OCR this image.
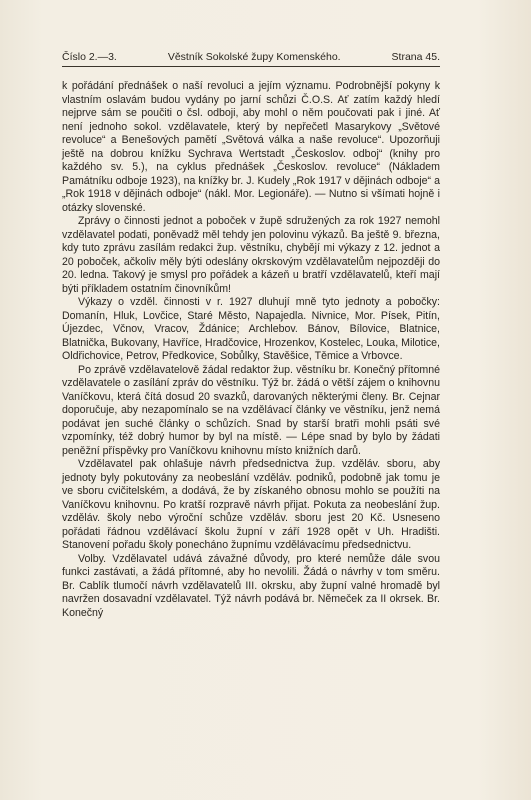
Číslo 2.—3.	Věstník Sokolské župy Komenského.	Strana 45.

k pořádání přednášek o naší revoluci a jejím významu. Podrobnější pokyny k vlastním oslavám budou vydány po jarní schůzi Č.O.S. Ať zatím každý hledí nejprve sám se poučiti o čsl. odboji, aby mohl o něm poučovati pak i jiné. Ať není jednoho sokol. vzdělavatele, který by nepřečetl Masarykovy „Světové revoluce“ a Benešových pamětí „Světová válka a naše revoluce“. Upozorňuji ještě na dobrou knížku Sychrava Wertstadt „Českoslov. odboj“ (knihy pro každého sv. 5.), na cyklus přednášek „Českoslov. revoluce“ (Nákladem Památníku odboje 1923), na knížky br. J. Kudely „Rok 1917 v dějinách odboje“ a „Rok 1918 v dějinách odboje“ (nákl. Mor. Legionáře). — Nutno si všímati hojně i otázky slovenské.

Zprávy o činnosti jednot a poboček v župě sdružených za rok 1927 nemohl vzdělavatel podati, poněvadž měl tehdy jen polovinu výkazů. Ba ještě 9. března, kdy tuto zprávu zasílám redakci žup. věstníku, chybějí mi výkazy z 12. jednot a 20 poboček, ačkoliv měly býti odeslány okrskovým vzdělavatelům nejpozději do 20. ledna. Takový je smysl pro pořádek a kázeň u bratří vzdělavatelů, kteří mají býti příkladem ostatním činovníkům!

Výkazy o vzděl. činnosti v r. 1927 dluhují mně tyto jednoty a pobočky: Domanín, Hluk, Lovčice, Staré Město, Napajedla. Nivnice, Mor. Písek, Pitín, Újezdec, Včnov, Vracov, Ždánice; Archlebov. Bánov, Bílovice, Blatnice, Blatnička, Bukovany, Havříce, Hradčovice, Hrozenkov, Kostelec, Louka, Milotice, Oldřichovice, Petrov, Předkovice, Sobůlky, Stavěšice, Těmice a Vrbovce.

Po zprávě vzdělavatelově žádal redaktor žup. věstníku br. Konečný přítomné vzdělavatele o zasílání zpráv do věstníku. Týž br. žádá o větší zájem o knihovnu Vaníčkovu, která čítá dosud 20 svazků, darovaných některými členy. Br. Cejnar doporučuje, aby nezapomínalo se na vzdělávací články ve věstníku, jenž nemá podávat jen suché články o schůzích. Snad by starší bratři mohli psáti své vzpomínky, též dobrý humor by byl na místě. — Lépe snad by bylo by žádati peněžní příspěvky pro Vaníčkovu knihovnu místo knižních darů.

Vzdělavatel pak ohlašuje návrh předsednictva žup. vzděláv. sboru, aby jednoty byly pokutovány za neobeslání vzděláv. podniků, podobně jak tomu je ve sboru cvičitelském, a dodává, že by získaného obnosu mohlo se použíti na Vaníčkovu knihovnu. Po kratší rozpravě návrh přijat. Pokuta za neobeslání žup. vzděláv. školy nebo výroční schůze vzděláv. sboru jest 20 Kč. Usneseno pořádati řádnou vzdělávací školu župní v září 1928 opět v Uh. Hradišti. Stanovení pořadu školy ponecháno župnímu vzdělávacímu předsednictvu.

Volby. Vzdělavatel udává závažné důvody, pro které nemůže dále svou funkci zastávati, a žádá přítomné, aby ho nevolili. Žádá o návrhy v tom směru. Br. Cablík tlumočí návrh vzdělavatelů III. okrsku, aby župní valné hromadě byl navržen dosavadní vzdělavatel. Týž návrh podává br. Němeček za II okrsek. Br. Konečný
